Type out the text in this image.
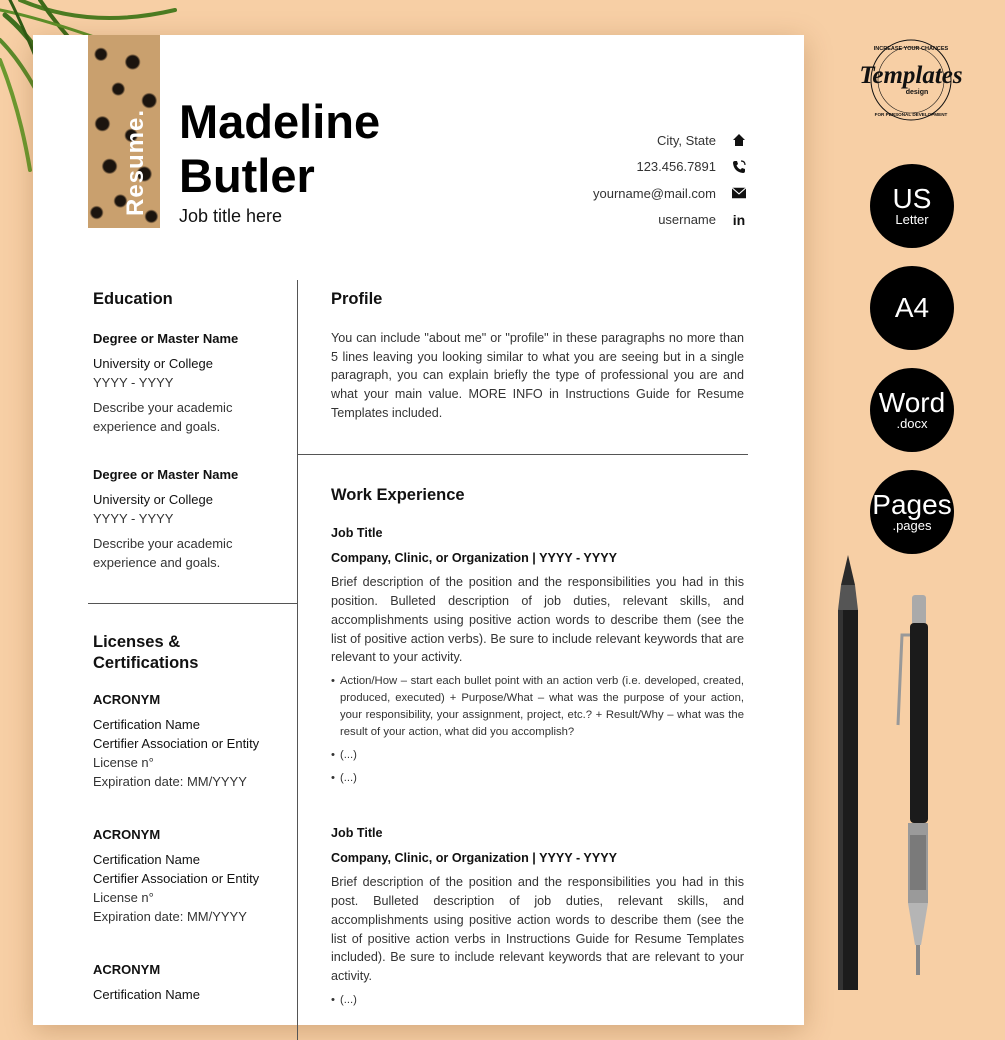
Resume. Madeline
Butler
Job title here
City, State
123.456.7891
yourname@mail.com
username in
Education
Degree or Master Name
University or College
YYYY - YYYY
Describe your academic experience and goals.
Degree or Master Name
University or College
YYYY - YYYY
Describe your academic experience and goals.
Licenses & Certifications
ACRONYM
Certification Name
Certifier Association or Entity
License n°
Expiration date: MM/YYYY
ACRONYM
Certification Name
Certifier Association or Entity
License n°
Expiration date: MM/YYYY
ACRONYM
Certification Name
Profile
You can include "about me" or "profile" in these paragraphs no more than 5 lines leaving you looking similar to what you are seeing but in a single paragraph, you can explain briefly the type of professional you are and what your main value. MORE INFO in Instructions Guide for Resume Templates included.
Work Experience
Job Title
Company, Clinic, or Organization | YYYY - YYYY
Brief description of the position and the responsibilities you had in this position. Bulleted description of job duties, relevant skills, and accomplishments using positive action words to describe them (see the list of positive action verbs). Be sure to include relevant keywords that are relevant to your activity.
• Action/How – start each bullet point with an action verb (i.e. developed, created, produced, executed) + Purpose/What – what was the purpose of your action, your responsibility, your assignment, project, etc.? + Result/Why – what was the result of your action, what did you accomplish?
• (...)
• (...)
Job Title
Company, Clinic, or Organization | YYYY - YYYY
Brief description of the position and the responsibilities you had in this post. Bulleted description of job duties, relevant skills, and accomplishments using positive action words to describe them (see the list of positive action verbs in Instructions Guide for Resume Templates included). Be sure to include relevant keywords that are relevant to your activity.
• (...)
INCREASE YOUR CHANCES
FOR PERSONAL DEVELOPMENT
Templates
design
US
Letter
A4
Word
.docx
Pages
.pages
